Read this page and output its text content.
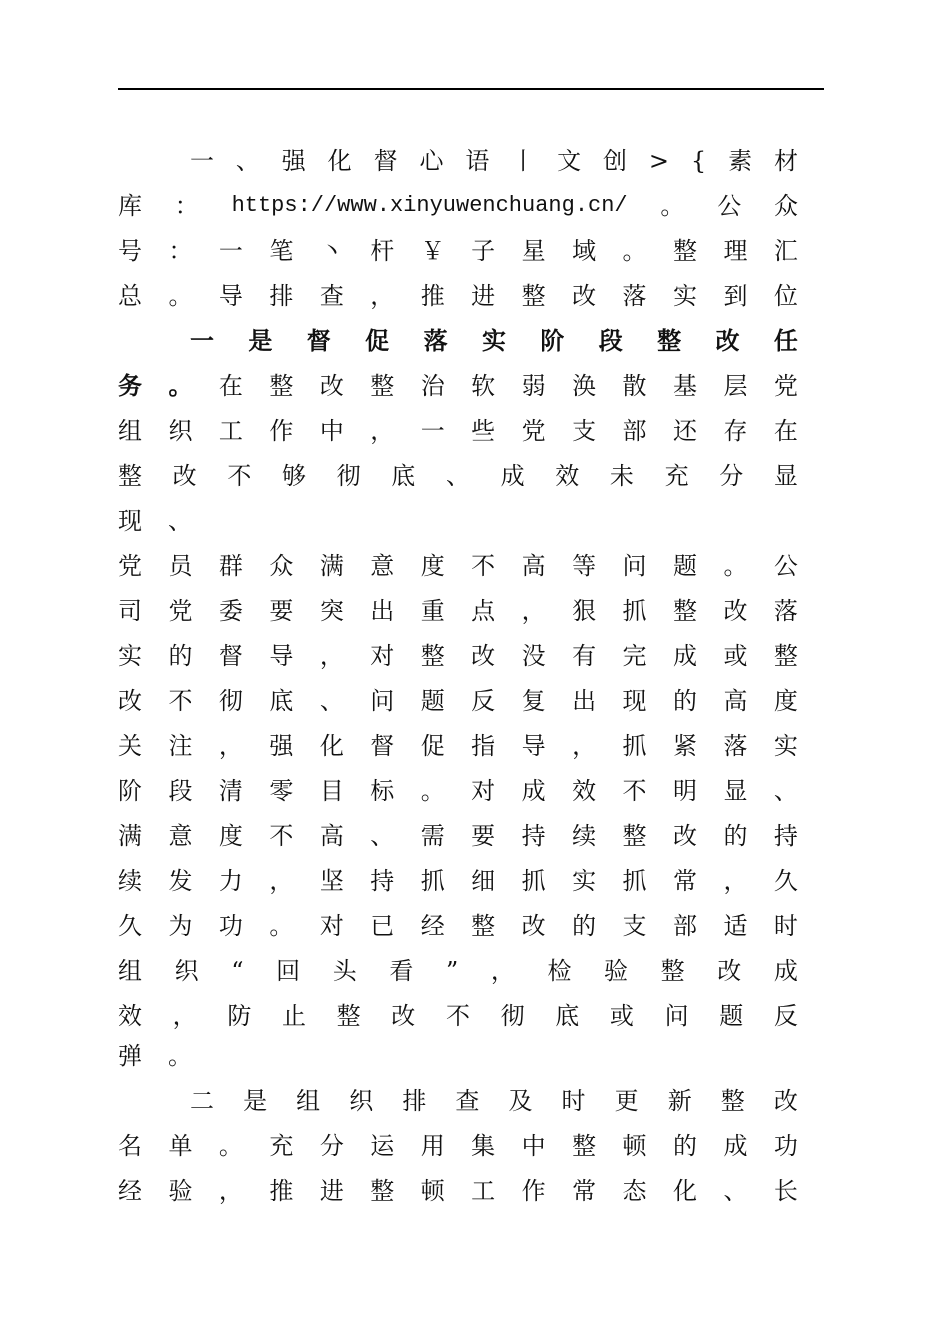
一 、 强 化 督 心 语 丨 文 创 > { 素 材
库 ： https://www.xinyuwenchuang.cn/ 。 公 众
号 ： 一 笔 丶 杆 ￥ 子 星 域 。 整 理 汇
总 。 导 排 查 ， 推 进 整 改 落 实 到 位
一 是 督 促 落 实 阶 段 整 改 任
务 。 在 整 改 整 治 软 弱 涣 散 基 层 党
组 织 工 作 中 ， 一 些 党 支 部 还 存 在
整 改 不 够 彻 底 、 成 效 未 充 分 显
现 、
党 员 群 众 满 意 度 不 高 等 问 题 。 公
司 党 委 要 突 出 重 点 ， 狠 抓 整 改 落
实 的 督 导 ， 对 整 改 没 有 完 成 或 整
改 不 彻 底 、 问 题 反 复 出 现 的 高 度
关 注 ， 强 化 督 促 指 导 ， 抓 紧 落 实
阶 段 清 零 目 标 。 对 成 效 不 明 显 、
满 意 度 不 高 、 需 要 持 续 整 改 的 持
续 发 力 ， 坚 持 抓 细 抓 实 抓 常 ， 久
久 为 功 。 对 已 经 整 改 的 支 部 适 时
组 织 “ 回 头 看 ” ， 检 验 整 改 成
效 ， 防 止 整 改 不 彻 底 或 问 题 反
弹 。
二 是 组 织 排 查 及 时 更 新 整 改
名 单 。 充 分 运 用 集 中 整 顿 的 成 功
经 验 ， 推 进 整 顿 工 作 常 态 化 、 长
